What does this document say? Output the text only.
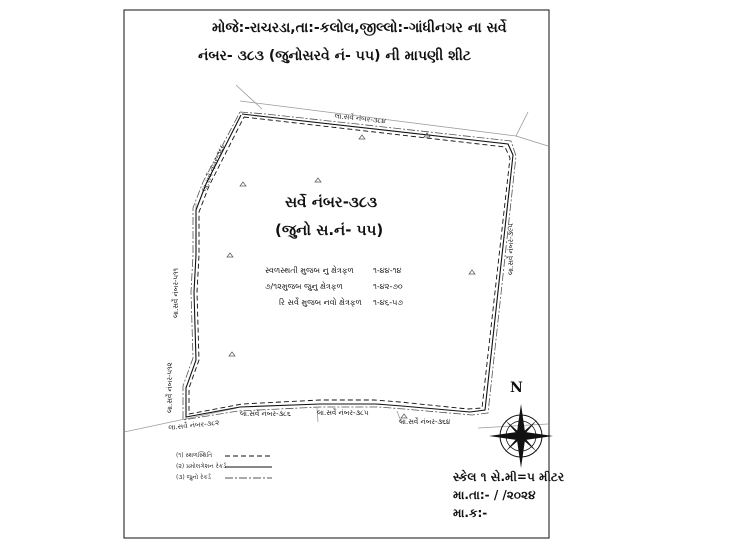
મોજે:-રાચરડા,તા:-કલોલ,જીલ્લો:-ગાંધીનગર ના સર્વે
નંબર- ૩૮૩ (જુનોસરવે નં- ૫૫) ની માપણી શીટ
સર્વે નંબર-૩૮૩
(જુનો સ.નં- ૫૫)
સ્વળસ્થતી મુજબ નુ ક્ષેત્રફળ ૧-૪૪-૧૪
૭/૧૨મુજબ જુનુ ક્ષેત્રફળ	૧-૪૨-૭૦
રિ સર્વે મુજબ નવો ક્ષેત્રફળ ૧-૪૬-૫૭
લા.સર્વે નંબર-૩૮૪
લા.સર્વે નંબર-૩૮૮
લા.સર્વે નંબર-૫૧૧
લા.સર્વે નંબર-૩૯૫
લા.સર્વે નંબર-૫૧૨
લા.સર્વે નંબર-૩૮૨
લા.સર્વે નંબર-૩૮૬	લા.સર્વે નંબર-૩૮૫
લા.સર્વે નંબર-૩૬૪
(૧) સ્થળસ્થિતિ
(૨) પ્રમોલગેશન રેકર્ડ
(૩) જુનો રેકર્ડ
N
સ્કેલ ૧ સે.મી=૫ મીટર
મા.તા:- / /૨૦૨૪
મા.ક:-
